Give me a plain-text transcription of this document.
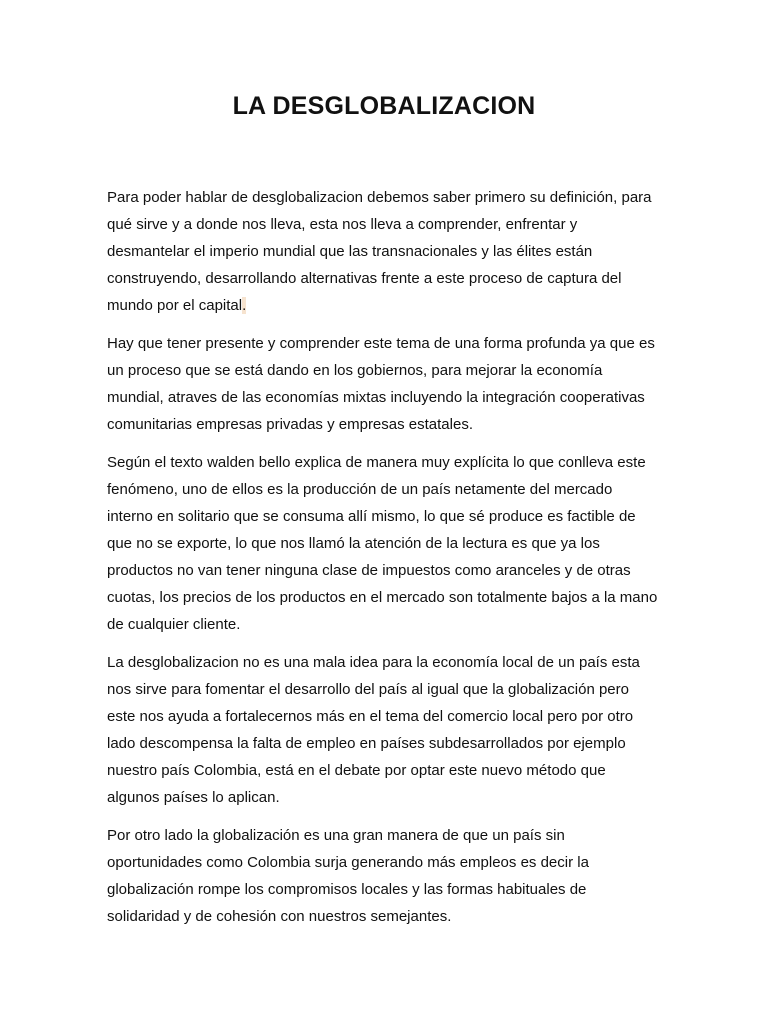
LA DESGLOBALIZACION

Para poder hablar de desglobalizacion debemos saber primero su definición, para
qué sirve y a donde nos lleva, esta nos lleva a comprender, enfrentar y
desmantelar el imperio mundial que las transnacionales y las élites están
construyendo, desarrollando alternativas frente a este proceso de captura del
mundo por el capital.

Hay que tener presente y comprender este tema de una forma profunda ya que es
un proceso que se está dando en los gobiernos, para mejorar la economía
mundial, atraves de las economías mixtas incluyendo la integración cooperativas
comunitarias empresas privadas y empresas estatales.

Según el texto walden bello explica de manera muy explícita lo que conlleva este
fenómeno, uno de ellos es la producción de un país netamente del mercado
interno en solitario que se consuma allí mismo, lo que sé produce es factible de
que no se exporte, lo que nos llamó la atención de la lectura es que ya los
productos no van tener ninguna clase de impuestos como aranceles y de otras
cuotas, los precios de los productos en el mercado son totalmente bajos a la mano
de cualquier cliente.

La desglobalizacion no es una mala idea para la economía local de un país esta
nos sirve para fomentar el desarrollo del país al igual que la globalización pero
este nos ayuda a fortalecernos más en el tema del comercio local pero por otro
lado descompensa la falta de empleo en países subdesarrollados por ejemplo
nuestro país Colombia, está en el debate por optar este nuevo método que
algunos países lo aplican.

Por otro lado la globalización es una gran manera de que un país sin
oportunidades como Colombia surja generando más empleos es decir la
globalización rompe los compromisos locales y las formas habituales de
solidaridad y de cohesión con nuestros semejantes.
